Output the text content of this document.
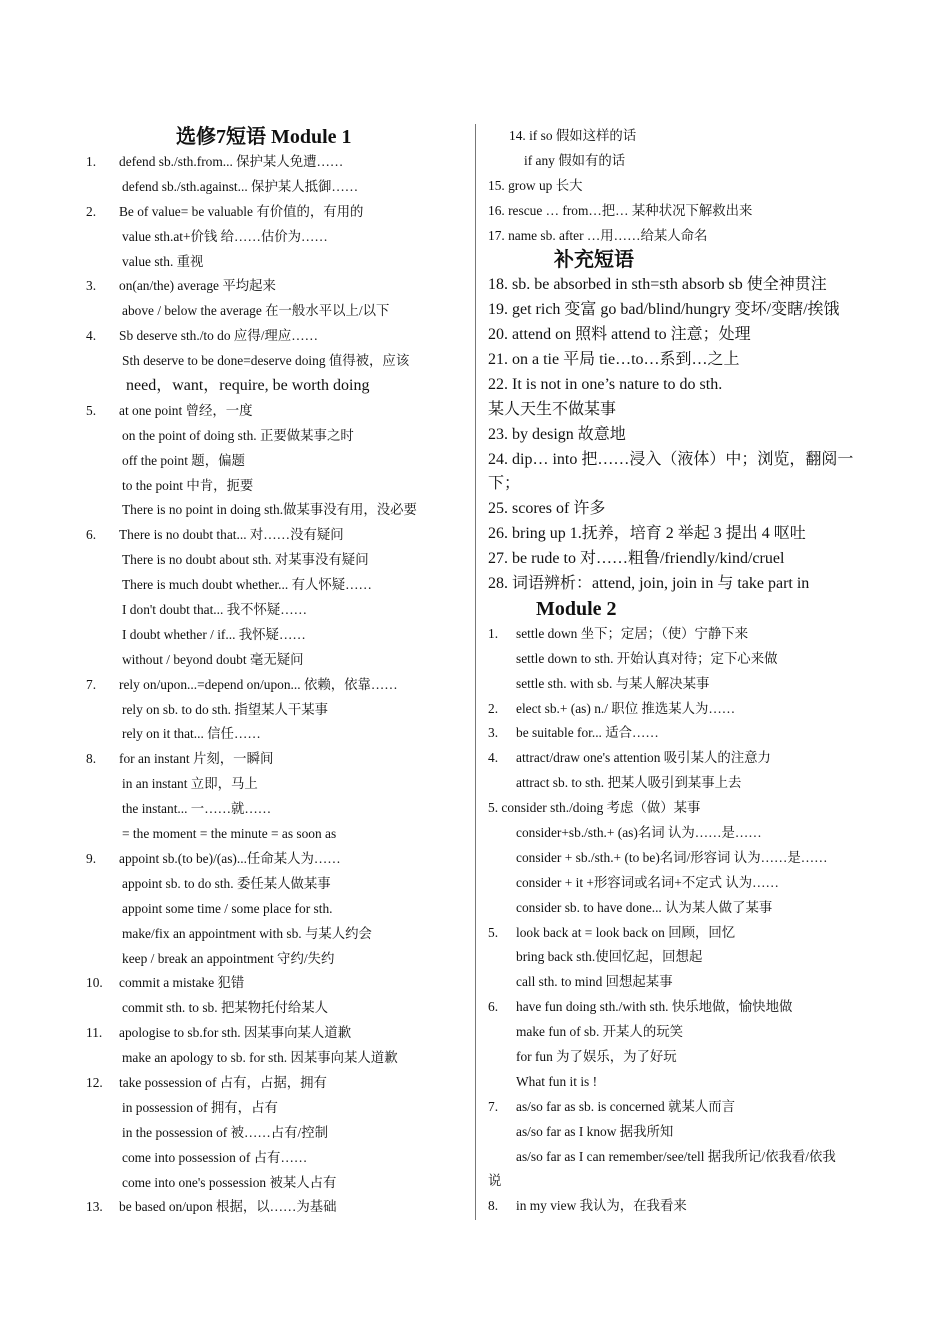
选修7短语 Module 1
1. defend sb./sth.from... 保护某人免遭……
defend sb./sth.against... 保护某人抵御……
2. Be of value= be valuable 有价值的，有用的
value sth.at+价钱 给……估价为……
value sth. 重视
3. on(an/the) average 平均起来
above / below the average 在一般水平以上/以下
4. Sb deserve sth./to do 应得/理应……
Sth deserve to be done=deserve doing 值得被，应该
need，want，require, be worth doing
5. at one point 曾经，一度
on the point of doing sth. 正要做某事之时
off the point 题，偏题
to the point 中肯，扼要
There is no point in doing sth.做某事没有用，没必要
6. There is no doubt that... 对……没有疑问
There is no doubt about sth. 对某事没有疑问
There is much doubt whether... 有人怀疑……
I don't doubt that... 我不怀疑……
I doubt whether / if... 我怀疑……
without / beyond doubt 毫无疑问
7. rely on/upon...=depend on/upon... 依赖，依靠……
rely on sb. to do sth. 指望某人干某事
rely on it that... 信任……
8. for an instant 片刻，一瞬间
in an instant 立即，马上
the instant... 一……就……
= the moment = the minute = as soon as
9. appoint sb.(to be)/(as)...任命某人为……
appoint sb. to do sth. 委任某人做某事
appoint some time / some place for sth.
make/fix an appointment with sb. 与某人约会
keep / break an appointment 守约/失约
10. commit a mistake 犯错
commit sth. to sb. 把某物托付给某人
11. apologise to sb.for sth. 因某事向某人道歉
make an apology to sb. for sth. 因某事向某人道歉
12. take possession of 占有，占据，拥有
in possession of 拥有，占有
in the possession of 被……占有/控制
come into possession of 占有……
come into one's possession 被某人占有
13. be based on/upon 根据，以……为基础
14. if so 假如这样的话
if any 假如有的话
15. grow up 长大
16. rescue … from…把… 某种状况下解救出来
17. name sb. after …用……给某人命名
补充短语
18. sb. be absorbed in sth=sth absorb sb 使全神贯注
19. get rich 变富 go bad/blind/hungry 变坏/变瞎/挨饿
20. attend on 照料 attend to 注意；处理
21. on a tie 平局 tie…to…系到…之上
22. It is not in one’s nature to do sth.
某人天生不做某事
23. by design 故意地
24. dip… into 把……浸入（液体）中；浏览，翻阅一下；
25. scores of 许多
26. bring up 1.抚养，培育 2 举起 3 提出 4 呕吐
27. be rude to 对……粗鲁/friendly/kind/cruel
28. 词语辨析：attend, join, join in 与 take part in
Module 2
1. settle down 坐下；定居；（使）宁静下来
settle down to sth. 开始认真对待；定下心来做
settle sth. with sb. 与某人解决某事
2. elect sb.+ (as) n./ 职位 推选某人为……
3. be suitable for... 适合……
4. attract/draw one's attention 吸引某人的注意力
attract sb. to sth. 把某人吸引到某事上去
5. consider sth./doing 考虑（做）某事
consider+sb./sth.+ (as)名词 认为……是……
consider + sb./sth.+ (to be)名词/形容词 认为……是……
consider + it +形容词或名词+不定式 认为……
consider sb. to have done... 认为某人做了某事
5. look back at = look back on 回顾，回忆
bring back sth.使回忆起，回想起
call sth. to mind 回想起某事
6. have fun doing sth./with sth. 快乐地做，愉快地做
make fun of sb. 开某人的玩笑
for fun 为了娱乐，为了好玩
What fun it is !
7. as/so far as sb. is concerned 就某人而言
as/so far as I know 据我所知
as/so far as I can remember/see/tell 据我所记/依我看/依我
说
8. in my view 我认为，在我看来
